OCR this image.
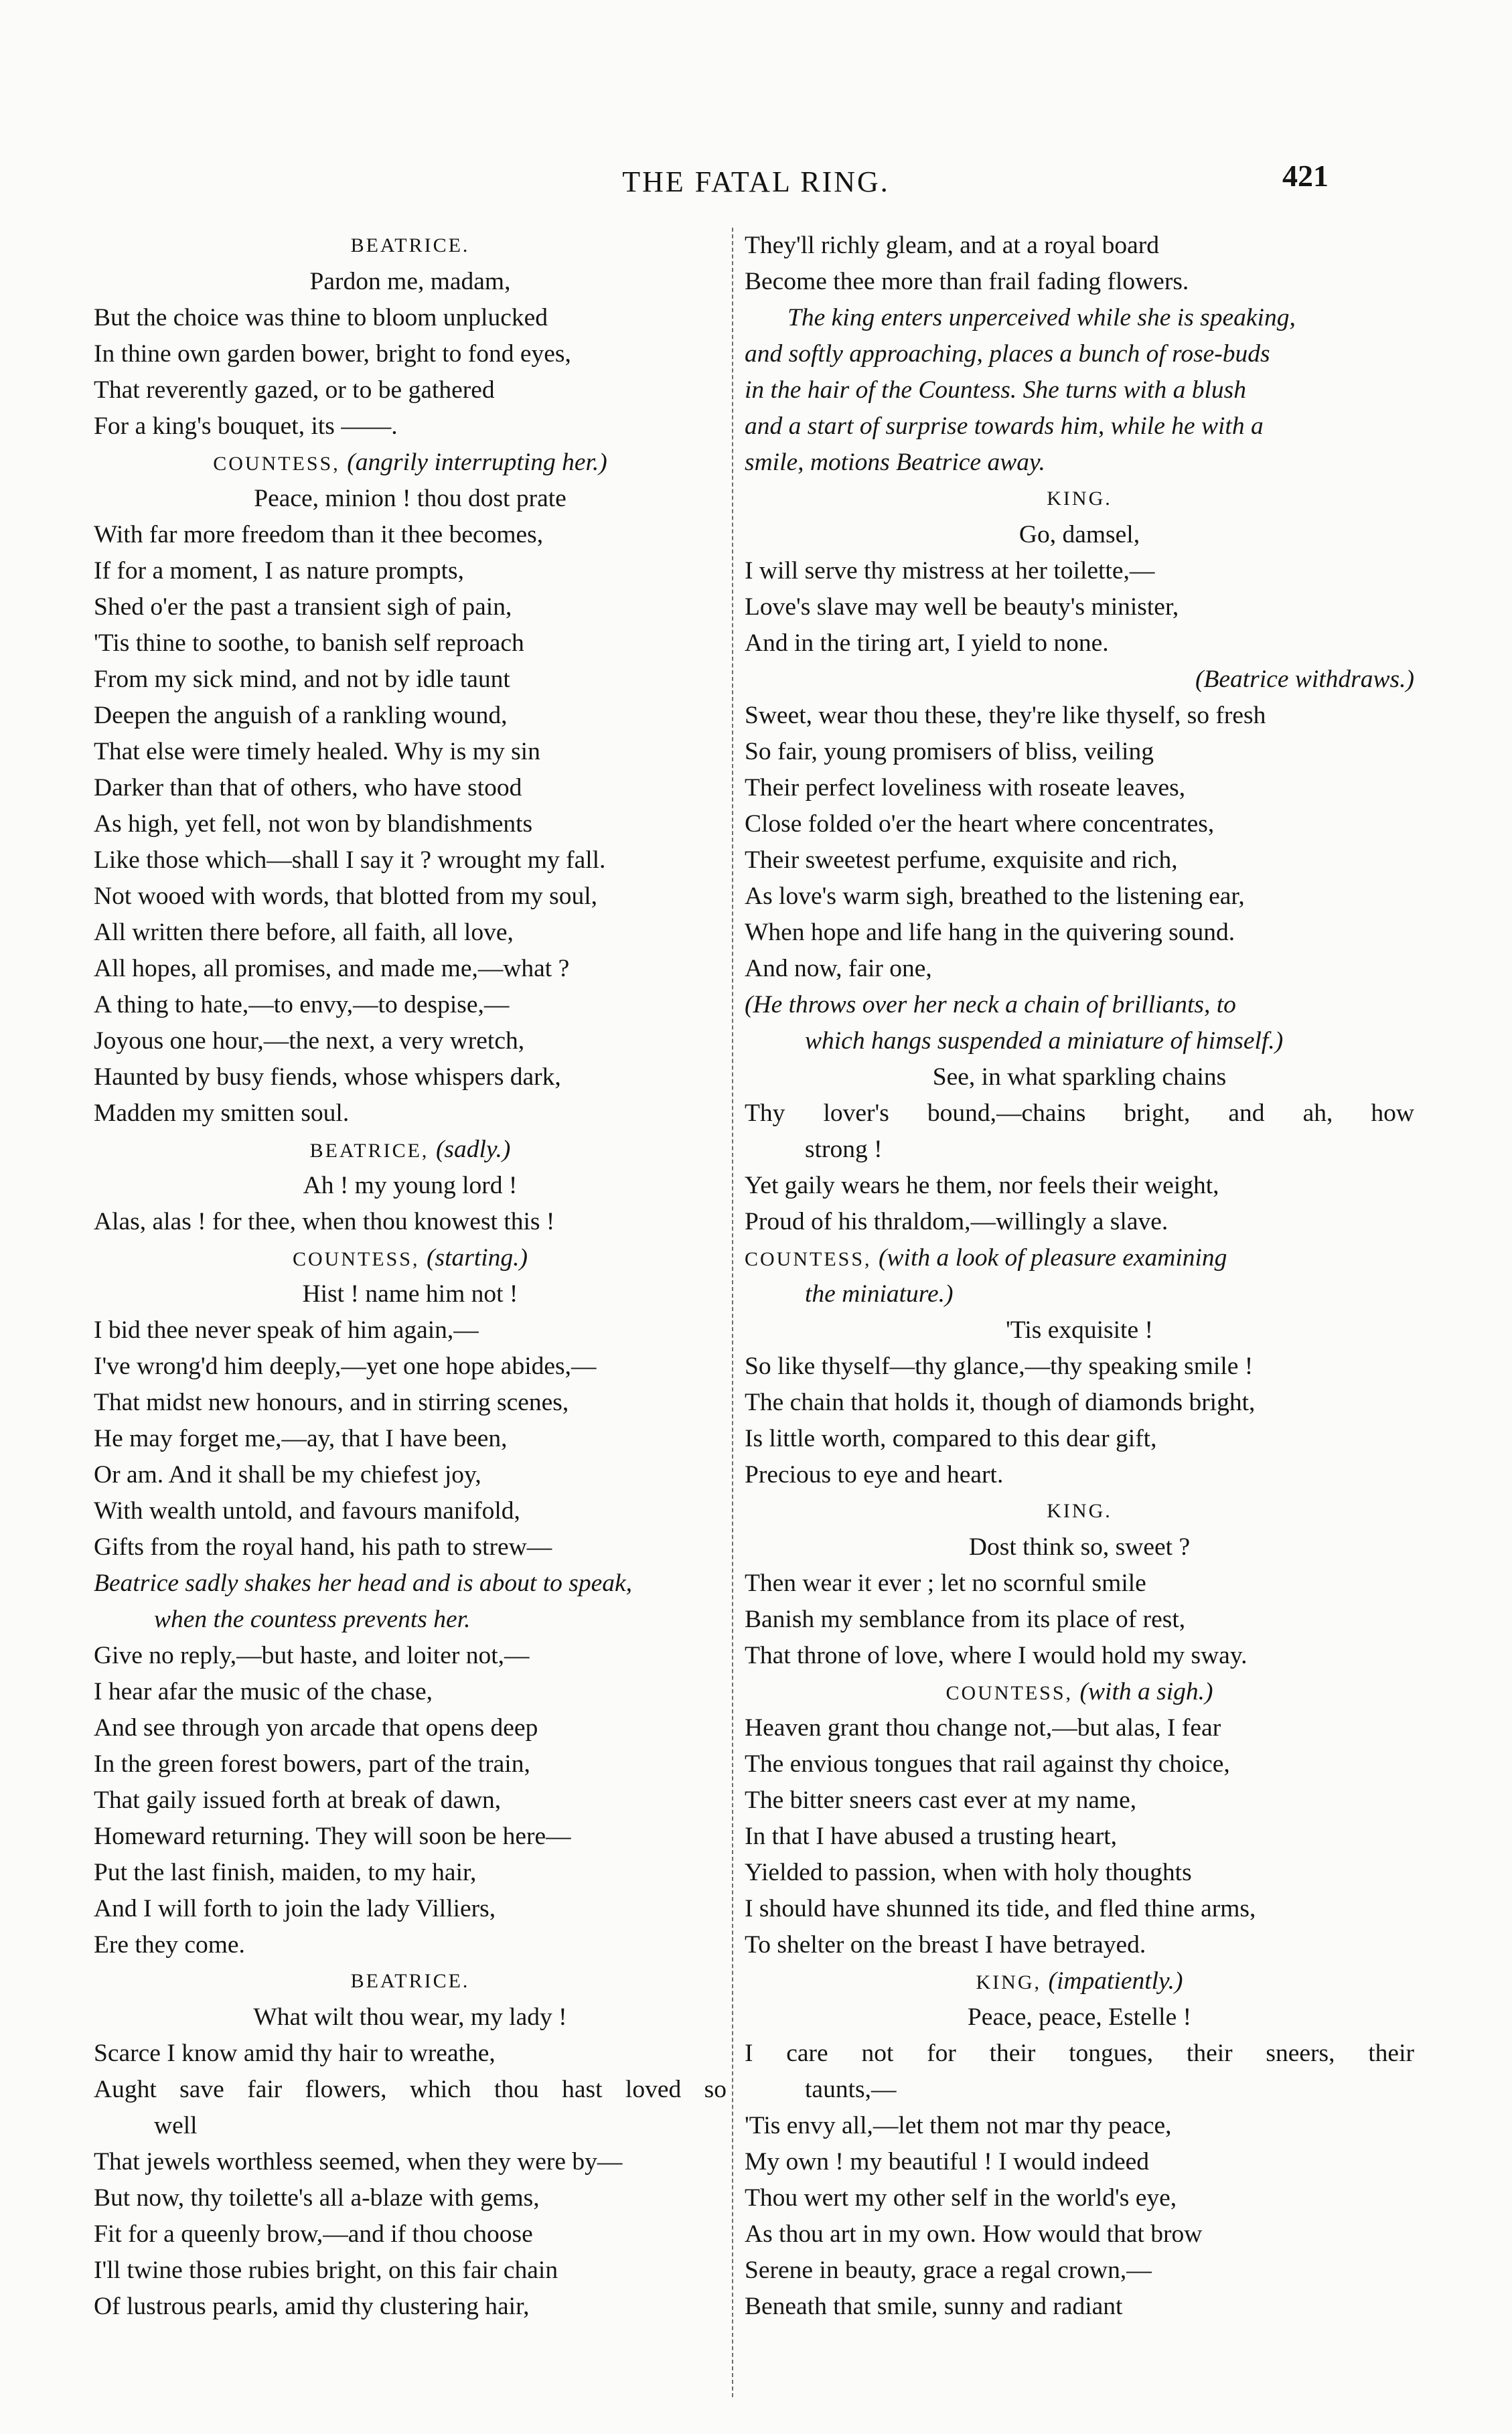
THE FATAL RING.	421
BEATRICE.
Pardon me, madam,
But the choice was thine to bloom unplucked
In thine own garden bower, bright to fond eyes,
That reverently gazed, or to be gathered
For a king's bouquet, its ——.
COUNTESS, (angrily interrupting her.)
Peace, minion ! thou dost prate
With far more freedom than it thee becomes,
If for a moment, I as nature prompts,
Shed o'er the past a transient sigh of pain,
'Tis thine to soothe, to banish self reproach
From my sick mind, and not by idle taunt
Deepen the anguish of a rankling wound,
That else were timely healed. Why is my sin
Darker than that of others, who have stood
As high, yet fell, not won by blandishments
Like those which—shall I say it ? wrought my fall.
Not wooed with words, that blotted from my soul,
All written there before, all faith, all love,
All hopes, all promises, and made me,—what ?
A thing to hate,—to envy,—to despise,—
Joyous one hour,—the next, a very wretch,
Haunted by busy fiends, whose whispers dark,
Madden my smitten soul.
BEATRICE, (sadly.)
Ah ! my young lord !
Alas, alas ! for thee, when thou knowest this !
COUNTESS, (starting.)
Hist ! name him not !
I bid thee never speak of him again,—
I've wrong'd him deeply,—yet one hope abides,—
That midst new honours, and in stirring scenes,
He may forget me,—ay, that I have been,
Or am. And it shall be my chiefest joy,
With wealth untold, and favours manifold,
Gifts from the royal hand, his path to strew—
Beatrice sadly shakes her head and is about to speak,
when the countess prevents her.
Give no reply,—but haste, and loiter not,—
I hear afar the music of the chase,
And see through yon arcade that opens deep
In the green forest bowers, part of the train,
That gaily issued forth at break of dawn,
Homeward returning. They will soon be here—
Put the last finish, maiden, to my hair,
And I will forth to join the lady Villiers,
Ere they come.
BEATRICE.
What wilt thou wear, my lady !
Scarce I know amid thy hair to wreathe,
Aught save fair flowers, which thou hast loved so
well
That jewels worthless seemed, when they were by—
But now, thy toilette's all a-blaze with gems,
Fit for a queenly brow,—and if thou choose
I'll twine those rubies bright, on this fair chain
Of lustrous pearls, amid thy clustering hair,
They'll richly gleam, and at a royal board
Become thee more than frail fading flowers.
The king enters unperceived while she is speaking,
and softly approaching, places a bunch of rose-buds
in the hair of the Countess. She turns with a blush
and a start of surprise towards him, while he with a
smile, motions Beatrice away.
KING.
Go, damsel,
I will serve thy mistress at her toilette,—
Love's slave may well be beauty's minister,
And in the tiring art, I yield to none.
(Beatrice withdraws.)
Sweet, wear thou these, they're like thyself, so fresh
So fair, young promisers of bliss, veiling
Their perfect loveliness with roseate leaves,
Close folded o'er the heart where concentrates,
Their sweetest perfume, exquisite and rich,
As love's warm sigh, breathed to the listening ear,
When hope and life hang in the quivering sound.
And now, fair one,
(He throws over her neck a chain of brilliants, to
which hangs suspended a miniature of himself.)
See, in what sparkling chains
Thy lover's bound,—chains bright, and ah, how
strong !
Yet gaily wears he them, nor feels their weight,
Proud of his thraldom,—willingly a slave.
COUNTESS, (with a look of pleasure examining
the miniature.)
'Tis exquisite !
So like thyself—thy glance,—thy speaking smile !
The chain that holds it, though of diamonds bright,
Is little worth, compared to this dear gift,
Precious to eye and heart.
KING.
Dost think so, sweet ?
Then wear it ever ; let no scornful smile
Banish my semblance from its place of rest,
That throne of love, where I would hold my sway.
COUNTESS, (with a sigh.)
Heaven grant thou change not,—but alas, I fear
The envious tongues that rail against thy choice,
The bitter sneers cast ever at my name,
In that I have abused a trusting heart,
Yielded to passion, when with holy thoughts
I should have shunned its tide, and fled thine arms,
To shelter on the breast I have betrayed.
KING, (impatiently.)
Peace, peace, Estelle !
I care not for their tongues, their sneers, their
taunts,—
'Tis envy all,—let them not mar thy peace,
My own ! my beautiful ! I would indeed
Thou wert my other self in the world's eye,
As thou art in my own. How would that brow
Serene in beauty, grace a regal crown,—
Beneath that smile, sunny and radiant
